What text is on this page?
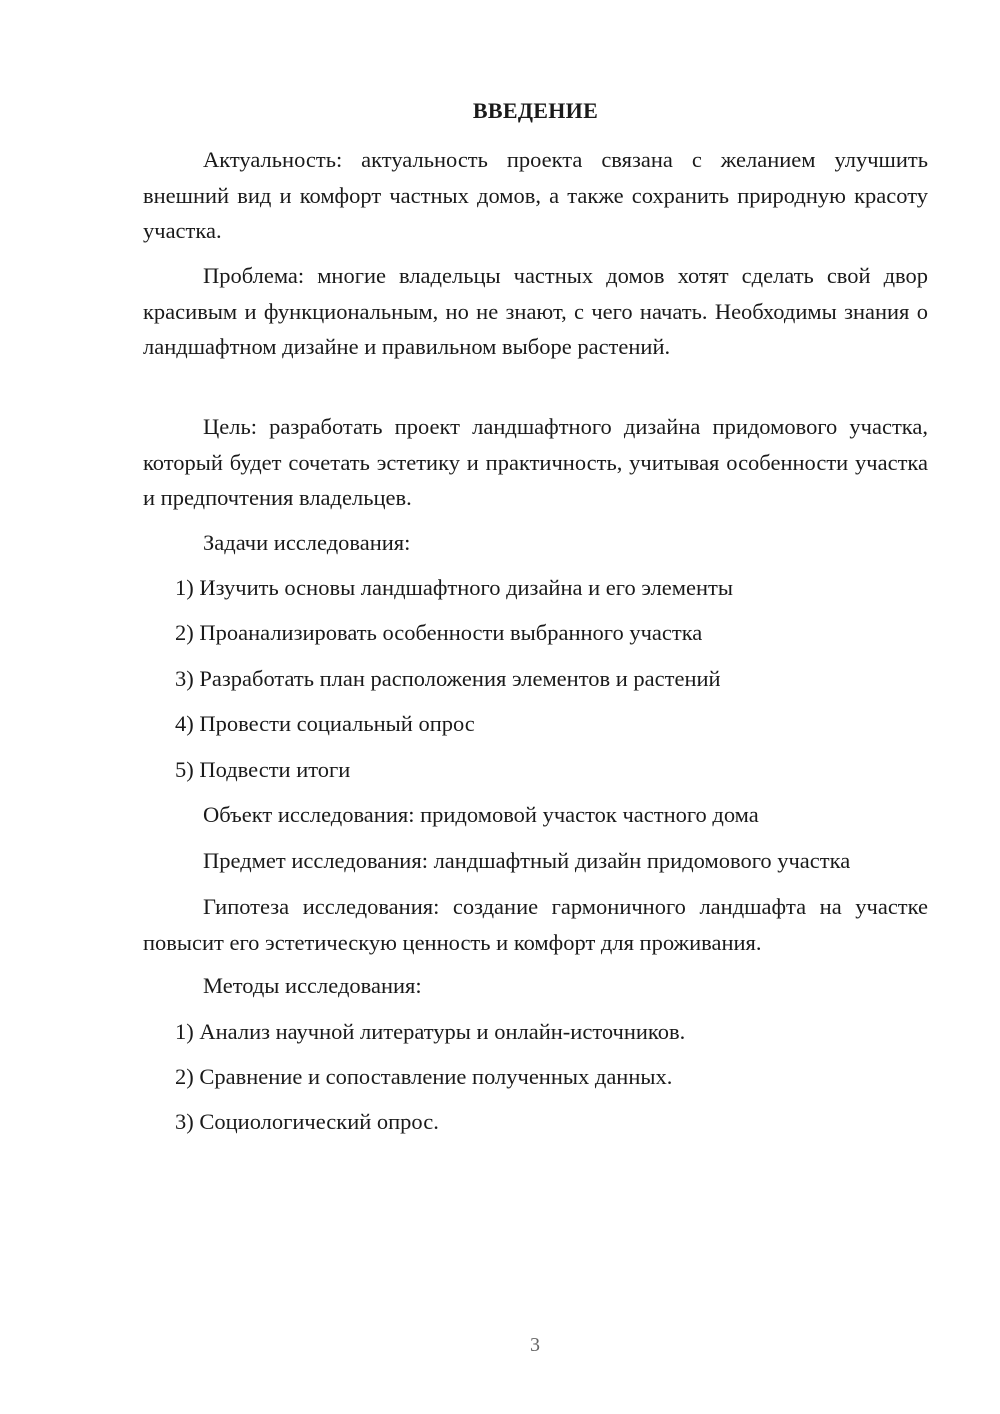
ВВЕДЕНИЕ

Актуальность: актуальность проекта связана с желанием улучшить внешний вид и комфорт частных домов, а также сохранить природную красоту участка.

Проблема: многие владельцы частных домов хотят сделать свой двор красивым и функциональным, но не знают, с чего начать. Необходимы знания о ландшафтном дизайне и правильном выборе растений.

Цель: разработать проект ландшафтного дизайна придомового участка, который будет сочетать эстетику и практичность, учитывая особенности участка и предпочтения владельцев.

Задачи исследования:

1) Изучить основы ландшафтного дизайна и его элементы

2) Проанализировать особенности выбранного участка

3) Разработать план расположения элементов и растений

4) Провести социальный опрос

5) Подвести итоги

Объект исследования: придомовой участок частного дома

Предмет исследования: ландшафтный дизайн придомового участка

Гипотеза исследования: создание гармоничного ландшафта на участке повысит его эстетическую ценность и комфорт для проживания.

Методы исследования:

1) Анализ научной литературы и онлайн-источников.

2) Сравнение и сопоставление полученных данных.

3) Социологический опрос.

3
